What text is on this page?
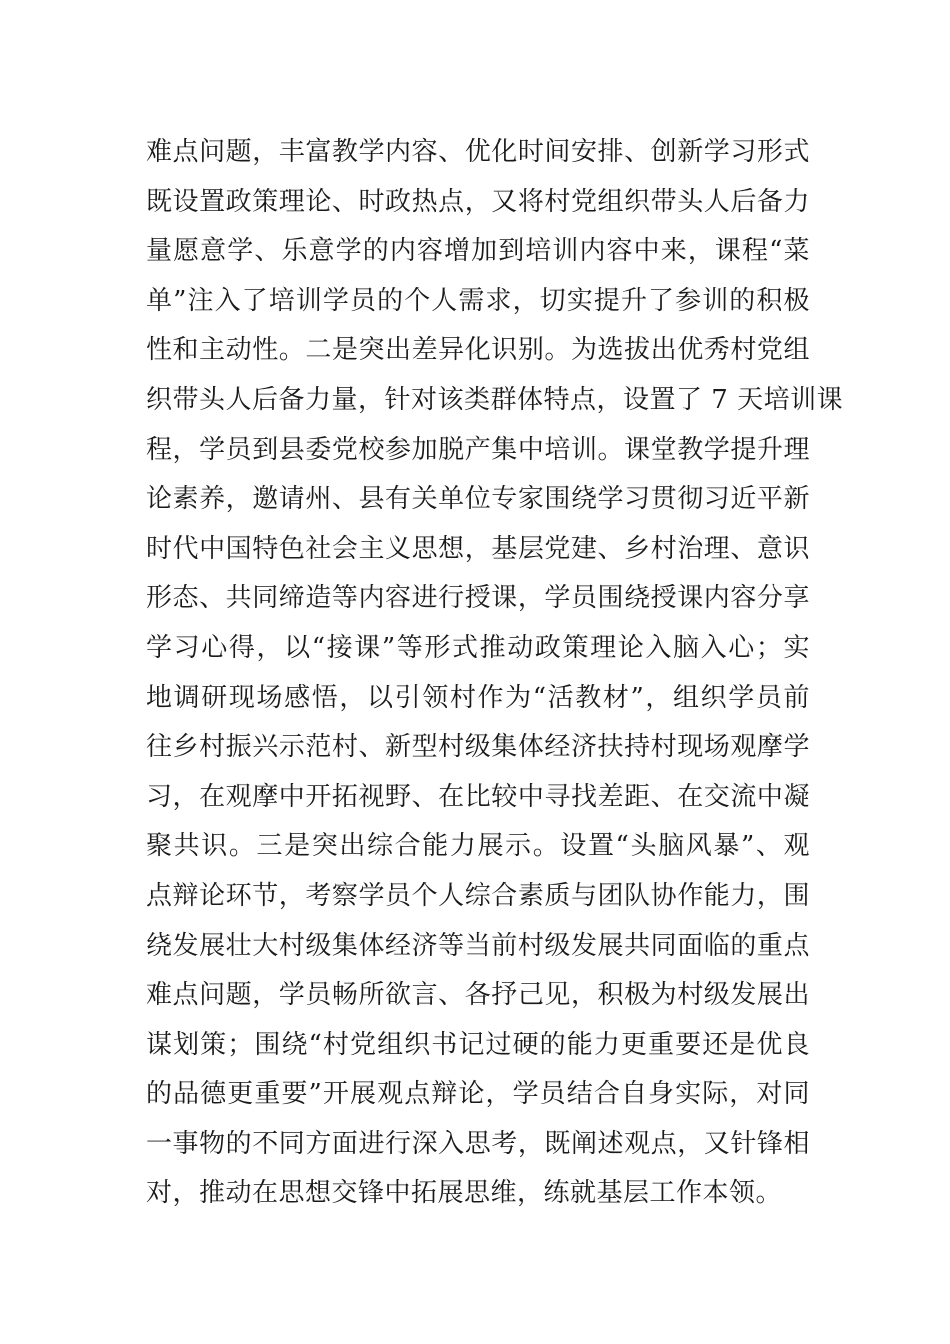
难点问题，丰富教学内容、优化时间安排、创新学习形式
既设置政策理论、时政热点，又将村党组织带头人后备力
量愿意学、乐意学的内容增加到培训内容中来，课程“菜
单”注入了培训学员的个人需求，切实提升了参训的积极
性和主动性。二是突出差异化识别。为选拔出优秀村党组
织带头人后备力量，针对该类群体特点，设置了 7 天培训课
程，学员到县委党校参加脱产集中培训。课堂教学提升理
论素养，邀请州、县有关单位专家围绕学习贯彻习近平新
时代中国特色社会主义思想，基层党建、乡村治理、意识
形态、共同缔造等内容进行授课，学员围绕授课内容分享
学习心得，以“接课”等形式推动政策理论入脑入心；实
地调研现场感悟，以引领村作为“活教材”，组织学员前
往乡村振兴示范村、新型村级集体经济扶持村现场观摩学
习，在观摩中开拓视野、在比较中寻找差距、在交流中凝
聚共识。三是突出综合能力展示。设置“头脑风暴”、观
点辩论环节，考察学员个人综合素质与团队协作能力，围
绕发展壮大村级集体经济等当前村级发展共同面临的重点
难点问题，学员畅所欲言、各抒己见，积极为村级发展出
谋划策；围绕“村党组织书记过硬的能力更重要还是优良
的品德更重要”开展观点辩论，学员结合自身实际，对同
一事物的不同方面进行深入思考，既阐述观点，又针锋相
对，推动在思想交锋中拓展思维，练就基层工作本领。
